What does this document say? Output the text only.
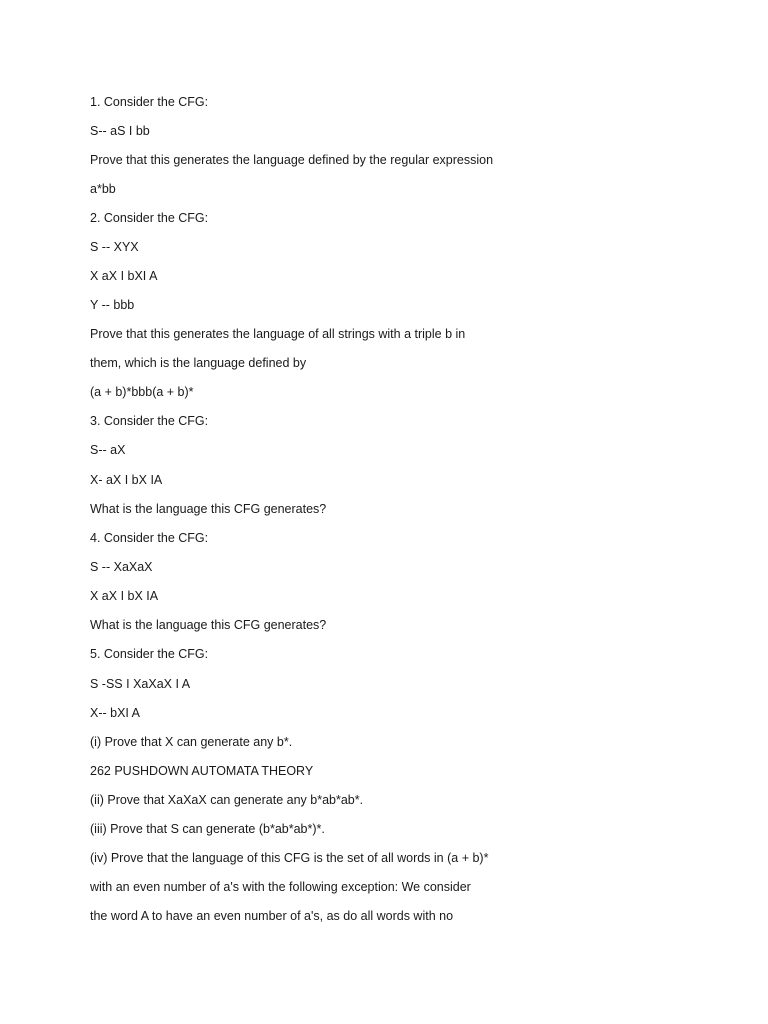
1. Consider the CFG:

S-- aS I bb

Prove that this generates the language defined by the regular expression

a*bb

2. Consider the CFG:

S -- XYX

X aX I bXI A

Y -- bbb

Prove that this generates the language of all strings with a triple b in

them, which is the language defined by

(a + b)*bbb(a + b)*

3. Consider the CFG:

S-- aX

X- aX I bX IA

What is the language this CFG generates?

4. Consider the CFG:

S -- XaXaX

X aX I bX IA

What is the language this CFG generates?

5. Consider the CFG:

S -SS I XaXaX I A

X-- bXI A

(i) Prove that X can generate any b*.

262 PUSHDOWN AUTOMATA THEORY

(ii) Prove that XaXaX can generate any b*ab*ab*.

(iii) Prove that S can generate (b*ab*ab*)*.

(iv) Prove that the language of this CFG is the set of all words in (a + b)*

with an even number of a's with the following exception: We consider

the word A to have an even number of a's, as do all words with no
